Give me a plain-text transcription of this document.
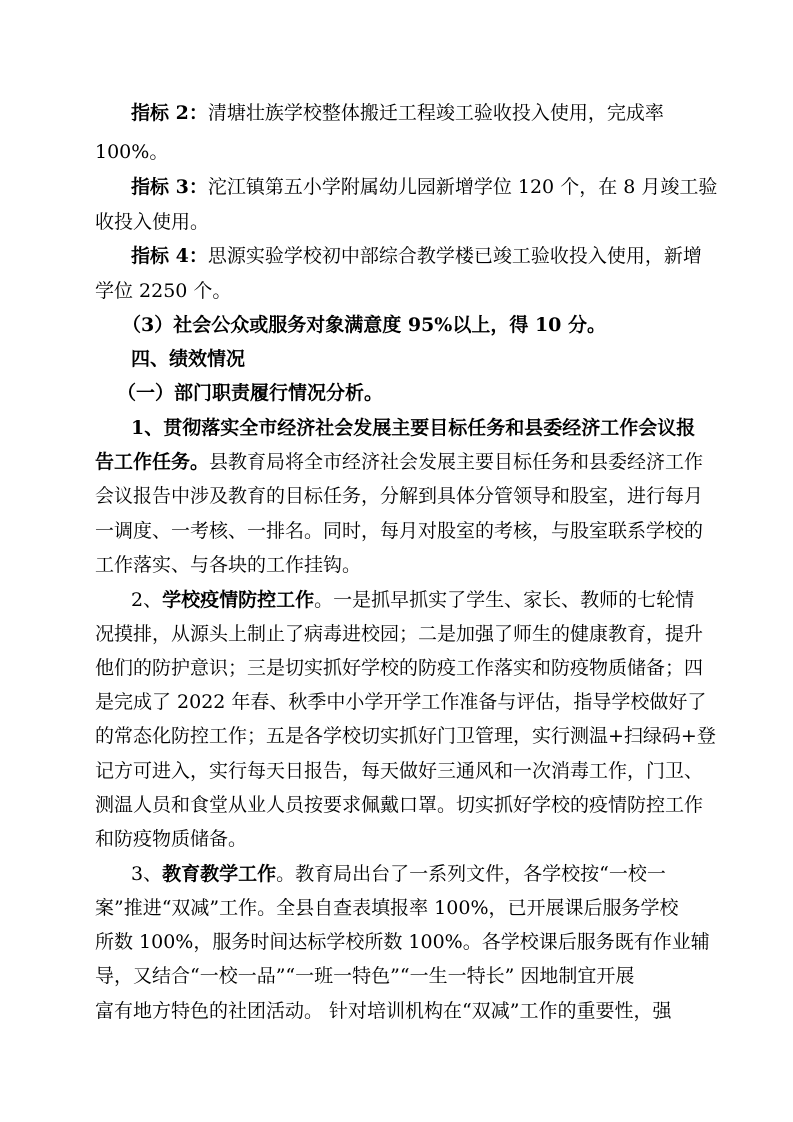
指标 2：清塘壮族学校整体搬迁工程竣工验收投入使用，完成率
100%。
指标 3：沱江镇第五小学附属幼儿园新增学位 120 个，在 8 月竣工验
收投入使用。
指标 4：思源实验学校初中部综合教学楼已竣工验收投入使用，新增
学位 2250 个。
（3）社会公众或服务对象满意度 95%以上，得 10 分。
四、绩效情况
（一）部门职责履行情况分析。
1、贯彻落实全市经济社会发展主要目标任务和县委经济工作会议报
告工作任务。县教育局将全市经济社会发展主要目标任务和县委经济工作
会议报告中涉及教育的目标任务，分解到具体分管领导和股室，进行每月
一调度、一考核、一排名。同时，每月对股室的考核，与股室联系学校的
工作落实、与各块的工作挂钩。
2、学校疫情防控工作。一是抓早抓实了学生、家长、教师的七轮情
况摸排，从源头上制止了病毒进校园；二是加强了师生的健康教育，提升
他们的防护意识；三是切实抓好学校的防疫工作落实和防疫物质储备；四
是完成了 2022 年春、秋季中小学开学工作准备与评估，指导学校做好了
的常态化防控工作；五是各学校切实抓好门卫管理，实行测温+扫绿码+登
记方可进入，实行每天日报告，每天做好三通风和一次消毒工作，门卫、
测温人员和食堂从业人员按要求佩戴口罩。切实抓好学校的疫情防控工作
和防疫物质储备。
3、教育教学工作。教育局出台了一系列文件，各学校按“一校一
案”推进“双减”工作。全县自查表填报率 100%，已开展课后服务学校
所数 100%，服务时间达标学校所数 100%。各学校课后服务既有作业辅
导，又结合“一校一品”“一班一特色”“一生一特长” 因地制宜开展
富有地方特色的社团活动。 针对培训机构在“双减”工作的重要性，强
